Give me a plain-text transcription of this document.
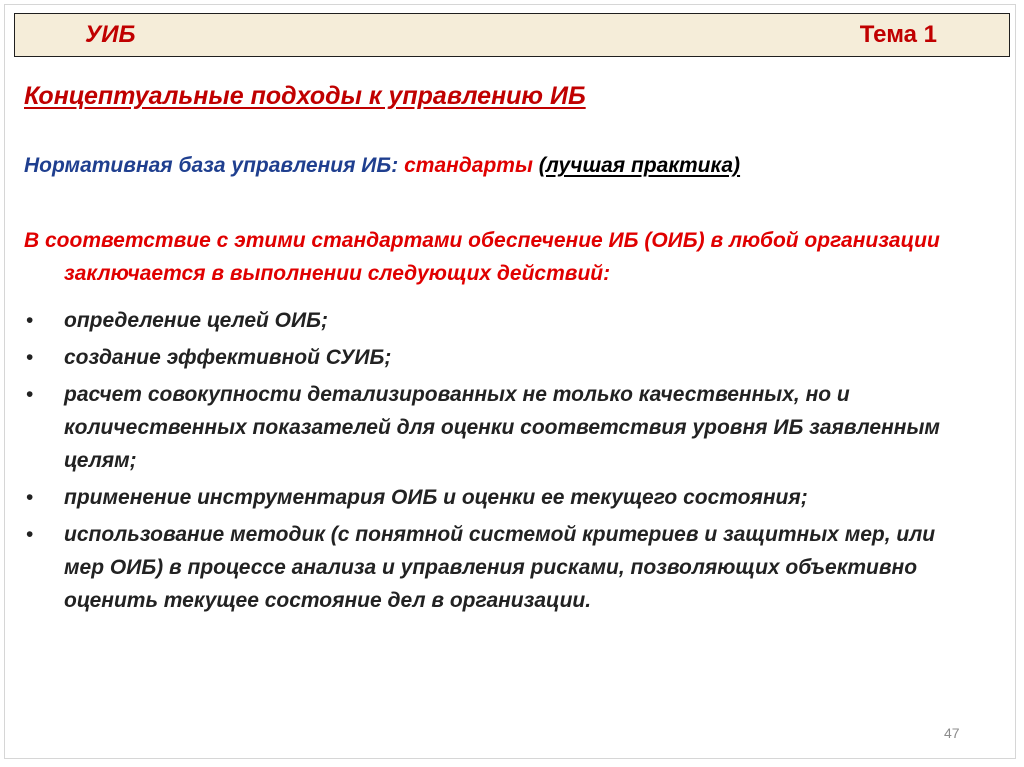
УИБ	Тема 1
Концептуальные подходы к управлению ИБ
Нормативная база управления ИБ: стандарты (лучшая практика)
В соответствие с этими стандартами обеспечение ИБ (ОИБ) в любой организации заключается в выполнении следующих действий:
• определение целей ОИБ;
• создание эффективной СУИБ;
• расчет совокупности детализированных не только качественных, но и количественных показателей для оценки соответствия уровня ИБ заявленным целям;
• применение инструментария ОИБ и оценки ее текущего состояния;
• использование методик (с понятной системой критериев и защитных мер, или мер ОИБ) в процессе анализа и управления рисками, позволяющих объективно оценить текущее состояние дел в организации.
47
